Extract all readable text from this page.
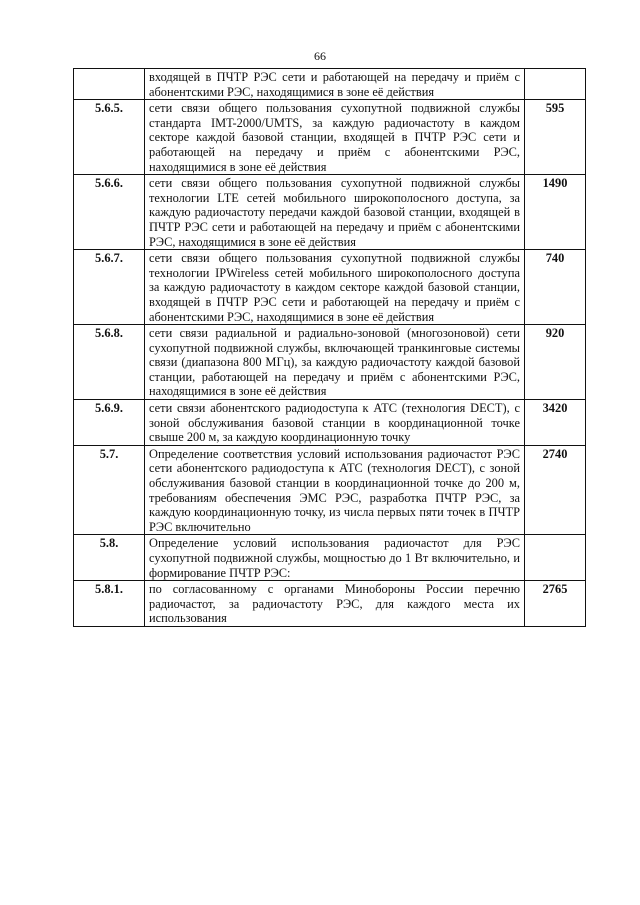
66
	входящей в ПЧТР РЭС сети и работающей на передачу и приём с абонентскими РЭС, находящимися в зоне её действия	
5.6.5.	сети связи общего пользования сухопутной подвижной службы стандарта IMT-2000/UMTS, за каждую радиочастоту в каждом секторе каждой базовой станции, входящей в ПЧТР РЭС сети и работающей на передачу и приём с абонентскими РЭС, находящимися в зоне её действия	595
5.6.6.	сети связи общего пользования сухопутной подвижной службы технологии LTE сетей мобильного широкополосного доступа, за каждую радиочастоту передачи каждой базовой станции, входящей в ПЧТР РЭС сети и работающей на передачу и приём с абонентскими РЭС, находящимися в зоне её действия	1490
5.6.7.	сети связи общего пользования сухопутной подвижной службы технологии IPWireless сетей мобильного широкополосного доступа за каждую радиочастоту в каждом секторе каждой базовой станции, входящей в ПЧТР РЭС сети и работающей на передачу и приём с абонентскими РЭС, находящимися в зоне её действия	740
5.6.8.	сети связи радиальной и радиально-зоновой (многозоновой) сети сухопутной подвижной службы, включающей транкинговые системы связи (диапазона 800 МГц), за каждую радиочастоту каждой базовой станции, работающей на передачу и приём с абонентскими РЭС, находящимися в зоне её действия	920
5.6.9.	сети связи абонентского радиодоступа к АТС (технология DECT), с зоной обслуживания базовой станции в координационной точке свыше 200 м, за каждую координационную точку	3420
5.7.	Определение соответствия условий использования радиочастот РЭС сети абонентского радиодоступа к АТС (технология DECT), с зоной обслуживания базовой станции в координационной точке до 200 м, требованиям обеспечения ЭМС РЭС, разработка ПЧТР РЭС, за каждую координационную точку, из числа первых пяти точек в ПЧТР РЭС включительно	2740
5.8.	Определение условий использования радиочастот для РЭС сухопутной подвижной службы, мощностью до 1 Вт включительно, и формирование ПЧТР РЭС:	
5.8.1.	по согласованному с органами Минобороны России перечню радиочастот, за радиочастоту РЭС, для каждого места их использования	2765
